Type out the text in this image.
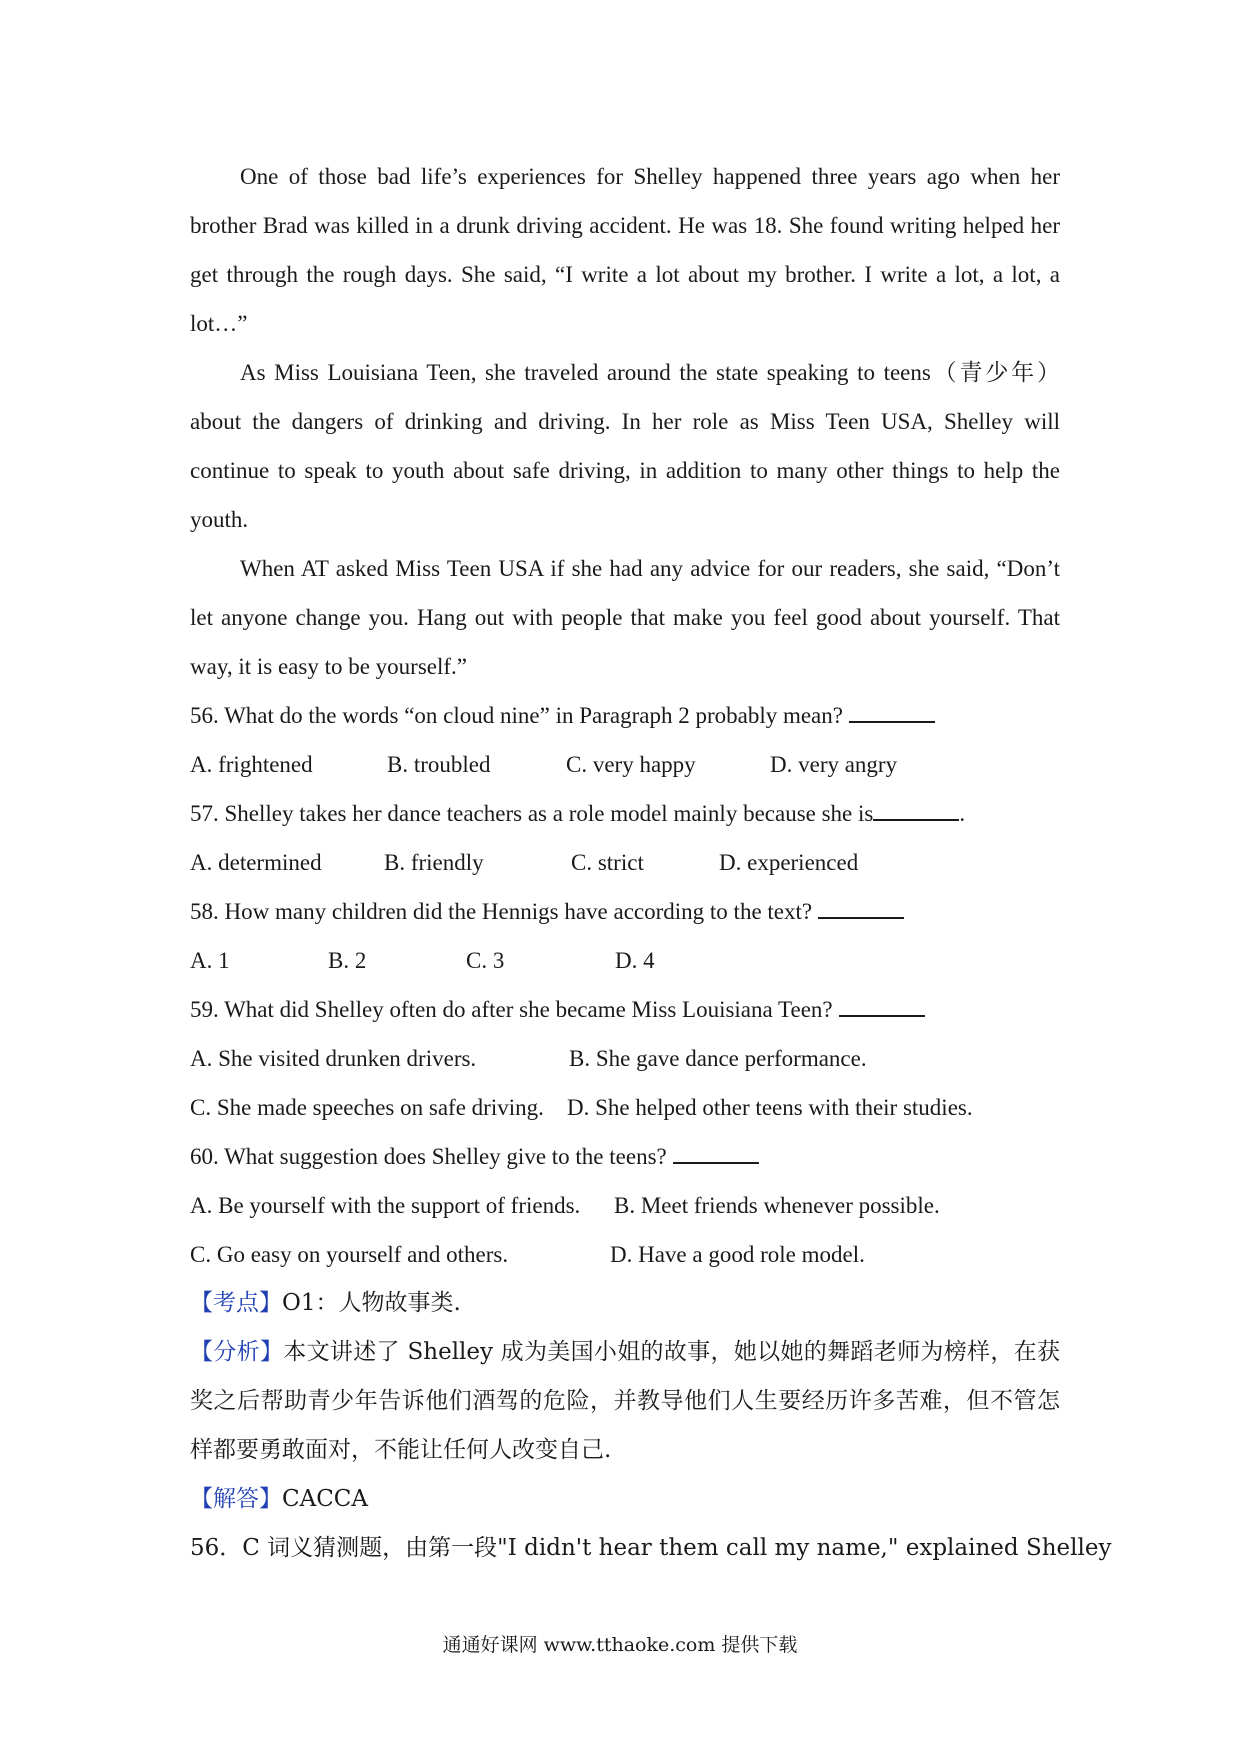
One of those bad life’s experiences for Shelley happened three years ago when her brother Brad was killed in a drunk driving accident. He was 18. She found writing helped her get through the rough days. She said, “I write a lot about my brother. I write a lot, a lot, a lot…”

As Miss Louisiana Teen, she traveled around the state speaking to teens（青少年）about the dangers of drinking and driving. In her role as Miss Teen USA, Shelley will continue to speak to youth about safe driving, in addition to many other things to help the youth.

When AT asked Miss Teen USA if she had any advice for our readers, she said, “Don’t let anyone change you. Hang out with people that make you feel good about yourself. That way, it is easy to be yourself.”

56. What do the words “on cloud nine” in Paragraph 2 probably mean?

A. frightened	B. troubled	C. very happy	D. very angry

57. Shelley takes her dance teachers as a role model mainly because she is	.

A. determined	B. friendly	C. strict	D. experienced

58. How many children did the Hennigs have according to the text?

A. 1	B. 2	C. 3	D. 4

59. What did Shelley often do after she became Miss Louisiana Teen?

A. She visited drunken drivers.	B. She gave dance performance.
C. She made speeches on safe driving. D. She helped other teens with their studies.

60. What suggestion does Shelley give to the teens?

A. Be yourself with the support of friends. B. Meet friends whenever possible.
C. Go easy on yourself and others.	D. Have a good role model.

【考点】O1：人物故事类.

【分析】本文讲述了 Shelley 成为美国小姐的故事，她以她的舞蹈老师为榜样，在获奖之后帮助青少年告诉他们酒驾的危险，并教导他们人生要经历许多苦难，但不管怎样都要勇敢面对，不能让任何人改变自己.

【解答】CACCA

56．C 词义猜测题，由第一段"I didn't hear them call my name," explained Shelley

通通好课网 www.tthaoke.com 提供下载
